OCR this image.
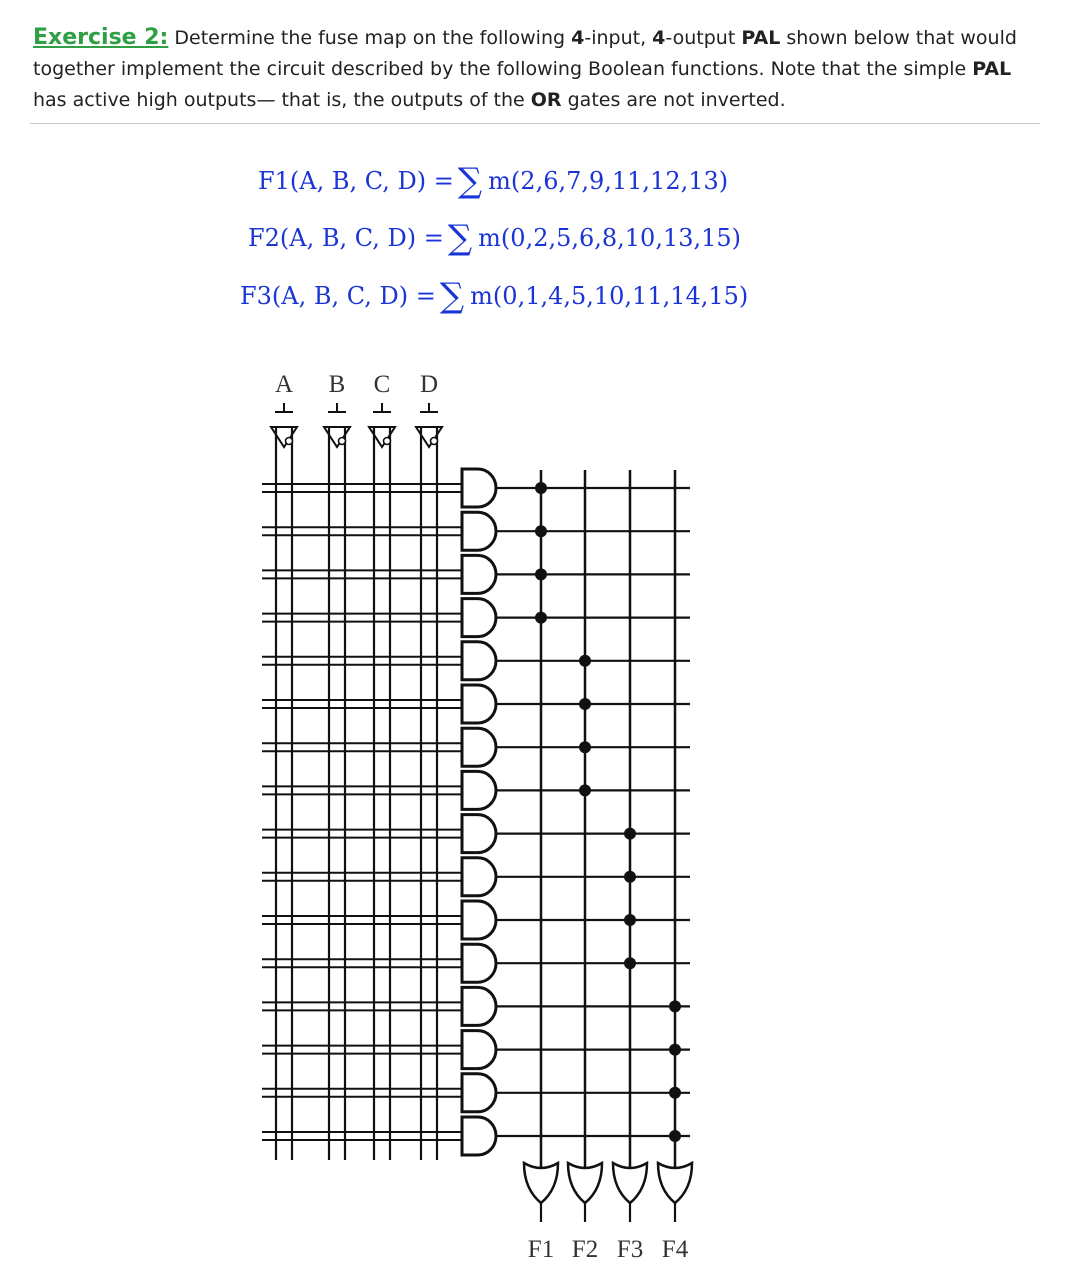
Exercise 2: Determine the fuse map on the following 4-input, 4-output PAL shown below that would together implement the circuit described by the following Boolean functions. Note that the simple PAL has active high outputs— that is, the outputs of the OR gates are not inverted.
F1(A, B, C, D) = ∑ m(2,6,7,9,11,12,13)
F2(A, B, C, D) = ∑ m(0,2,5,6,8,10,13,15)
F3(A, B, C, D) = ∑ m(0,1,4,5,10,11,14,15)
A B C D
F1 F2 F3 F4
